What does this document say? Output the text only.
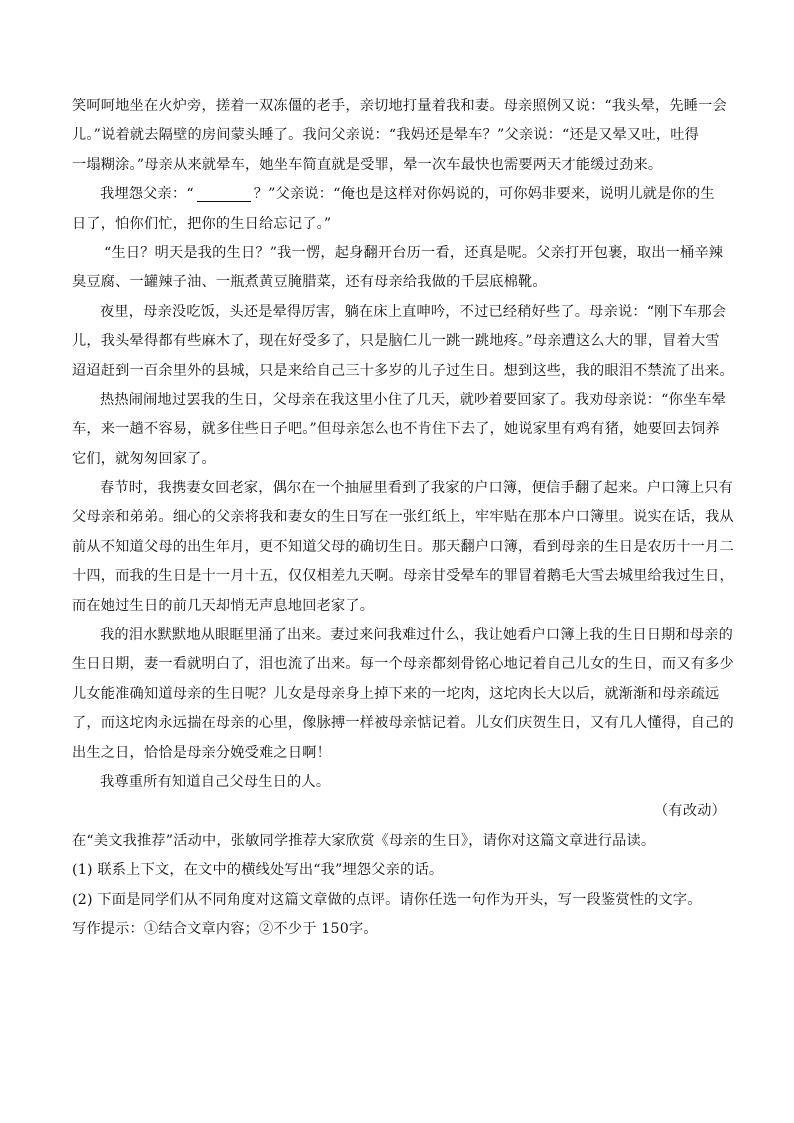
笑呵呵地坐在火炉旁，搓着一双冻僵的老手，亲切地打量着我和妻。母亲照例又说：“我头晕，先睡一会
儿。”说着就去隔壁的房间蒙头睡了。我问父亲说：“我妈还是晕车？”父亲说：“还是又晕又吐，吐得
一塌糊涂。”母亲从来就晕车，她坐车简直就是受罪，晕一次车最快也需要两天才能缓过劲来。
我埋怨父亲：“	？”父亲说：“俺也是这样对你妈说的，可你妈非要来，说明儿就是你的生
日了，怕你们忙，把你的生日给忘记了。”
“生日？明天是我的生日？”我一愣，起身翻开台历一看，还真是呢。父亲打开包裹，取出一桶辛辣
臭豆腐、一罐辣子油、一瓶煮黄豆腌腊菜，还有母亲给我做的千层底棉靴。
夜里，母亲没吃饭，头还是晕得厉害，躺在床上直呻吟，不过已经稍好些了。母亲说：“刚下车那会
儿，我头晕得都有些麻木了，现在好受多了，只是脑仁儿一跳一跳地疼。”母亲遭这么大的罪，冒着大雪
迢迢赶到一百余里外的县城，只是来给自己三十多岁的儿子过生日。想到这些，我的眼泪不禁流了出来。
热热闹闹地过罢我的生日，父母亲在我这里小住了几天，就吵着要回家了。我劝母亲说：“你坐车晕
车，来一趟不容易，就多住些日子吧。”但母亲怎么也不肯住下去了，她说家里有鸡有猪，她要回去饲养
它们，就匆匆回家了。
春节时，我携妻女回老家，偶尔在一个抽屉里看到了我家的户口簿，便信手翻了起来。户口簿上只有
父母亲和弟弟。细心的父亲将我和妻女的生日写在一张红纸上，牢牢贴在那本户口簿里。说实在话，我从
前从不知道父母的出生年月，更不知道父母的确切生日。那天翻户口簿，看到母亲的生日是农历十一月二
十四，而我的生日是十一月十五，仅仅相差九天啊。母亲甘受晕车的罪冒着鹅毛大雪去城里给我过生日，
而在她过生日的前几天却悄无声息地回老家了。
我的泪水默默地从眼眶里涌了出来。妻过来问我难过什么，我让她看户口簿上我的生日日期和母亲的
生日日期，妻一看就明白了，泪也流了出来。每一个母亲都刻骨铭心地记着自己儿女的生日，而又有多少
儿女能准确知道母亲的生日呢？儿女是母亲身上掉下来的一坨肉，这坨肉长大以后，就渐渐和母亲疏远
了，而这坨肉永远揣在母亲的心里，像脉搏一样被母亲惦记着。儿女们庆贺生日，又有几人懂得，自己的
出生之日，恰恰是母亲分娩受难之日啊！
我尊重所有知道自己父母生日的人。
（有改动）
在“美文我推荐”活动中，张敏同学推荐大家欣赏《母亲的生日》，请你对这篇文章进行品读。
(1) 联系上下文，在文中的横线处写出“我”埋怨父亲的话。
(2) 下面是同学们从不同角度对这篇文章做的点评。请你任选一句作为开头，写一段鉴赏性的文字。
写作提示：①结合文章内容；②不少于 150字。
